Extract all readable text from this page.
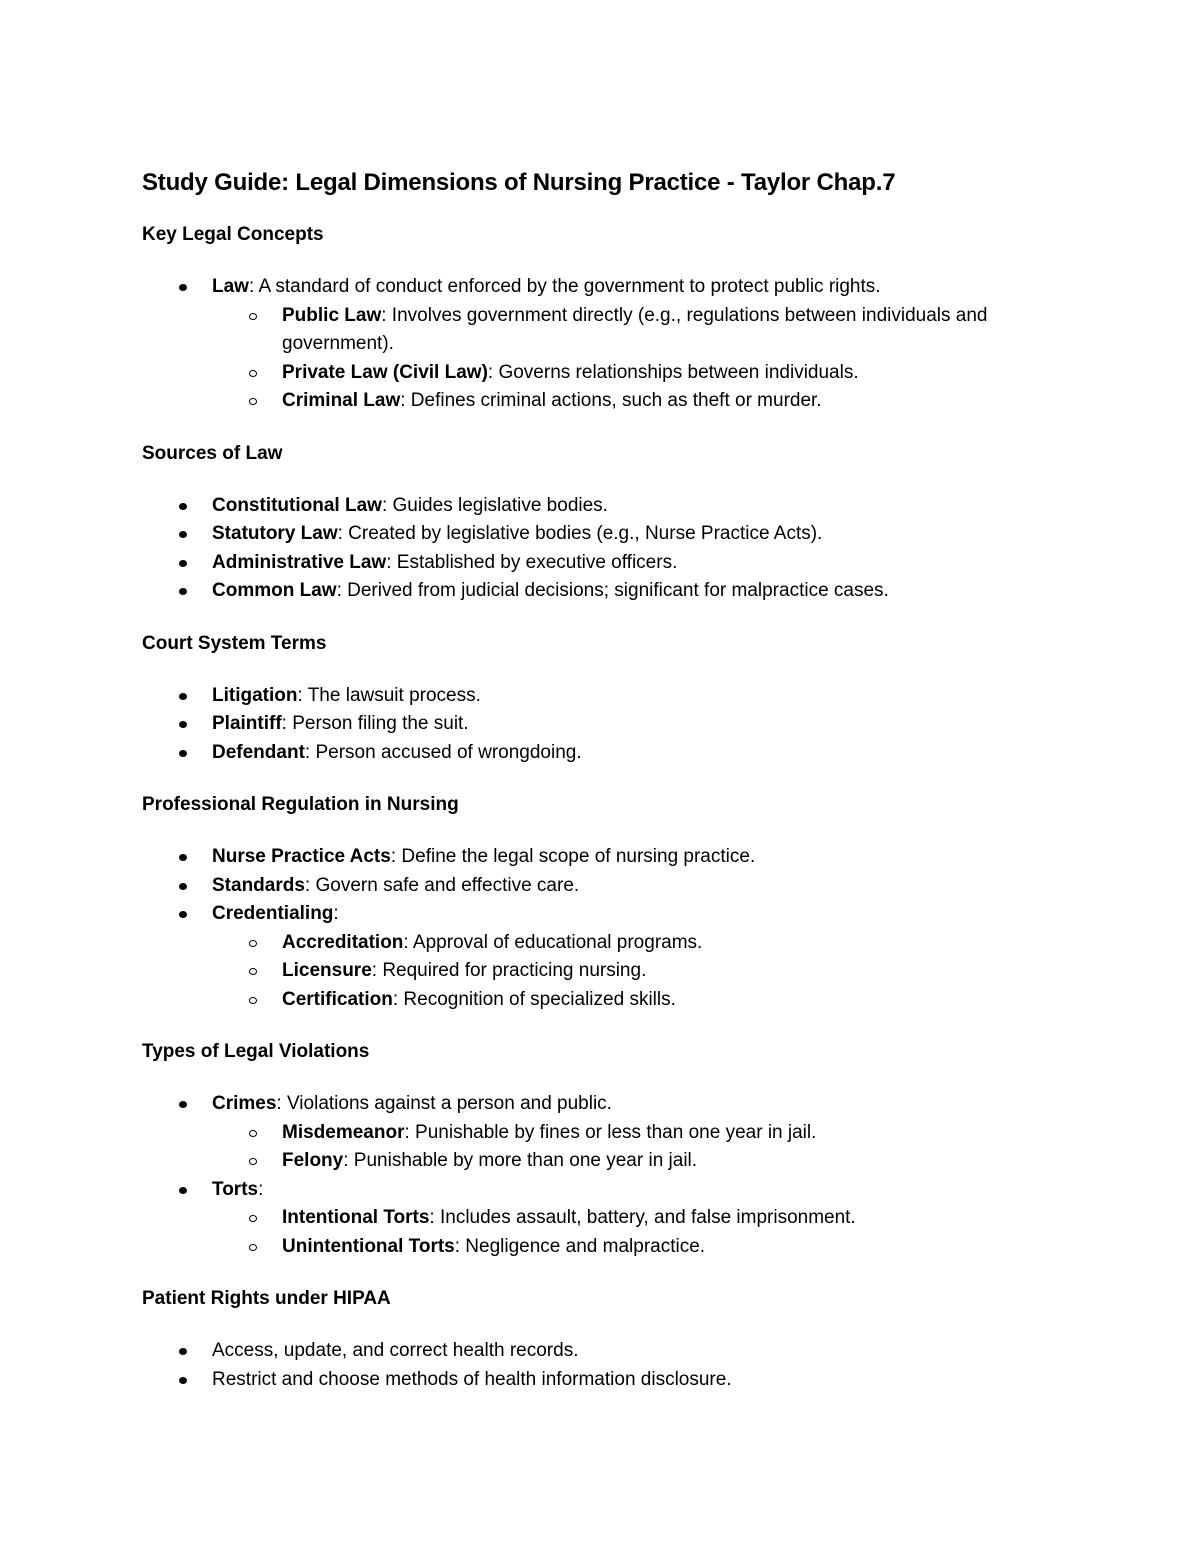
Study Guide: Legal Dimensions of Nursing Practice - Taylor Chap.7
Key Legal Concepts
Law: A standard of conduct enforced by the government to protect public rights.
Public Law: Involves government directly (e.g., regulations between individuals and government).
Private Law (Civil Law): Governs relationships between individuals.
Criminal Law: Defines criminal actions, such as theft or murder.
Sources of Law
Constitutional Law: Guides legislative bodies.
Statutory Law: Created by legislative bodies (e.g., Nurse Practice Acts).
Administrative Law: Established by executive officers.
Common Law: Derived from judicial decisions; significant for malpractice cases.
Court System Terms
Litigation: The lawsuit process.
Plaintiff: Person filing the suit.
Defendant: Person accused of wrongdoing.
Professional Regulation in Nursing
Nurse Practice Acts: Define the legal scope of nursing practice.
Standards: Govern safe and effective care.
Credentialing:
Accreditation: Approval of educational programs.
Licensure: Required for practicing nursing.
Certification: Recognition of specialized skills.
Types of Legal Violations
Crimes: Violations against a person and public.
Misdemeanor: Punishable by fines or less than one year in jail.
Felony: Punishable by more than one year in jail.
Torts:
Intentional Torts: Includes assault, battery, and false imprisonment.
Unintentional Torts: Negligence and malpractice.
Patient Rights under HIPAA
Access, update, and correct health records.
Restrict and choose methods of health information disclosure.
